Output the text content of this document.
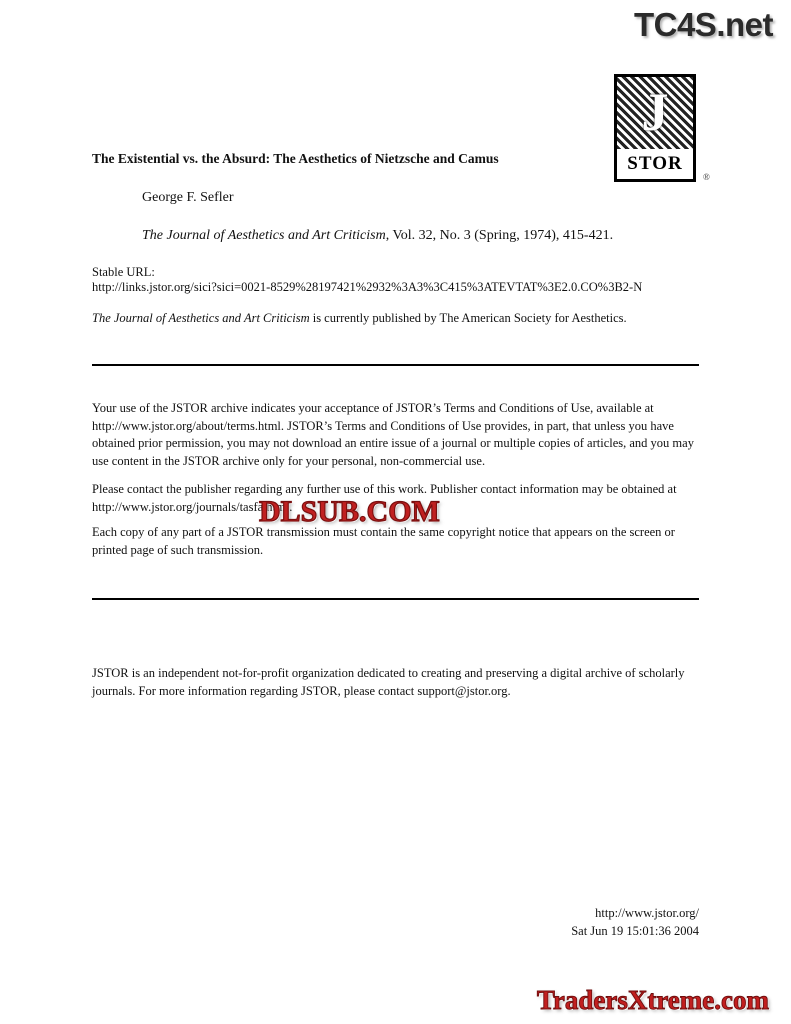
TC4S.net
J
STOR
®
The Existential vs. the Absurd: The Aesthetics of Nietzsche and Camus
George F. Sefler
The Journal of Aesthetics and Art Criticism, Vol. 32, No. 3 (Spring, 1974), 415-421.
Stable URL:
http://links.jstor.org/sici?sici=0021-8529%28197421%2932%3A3%3C415%3ATEVTAT%3E2.0.CO%3B2-N
The Journal of Aesthetics and Art Criticism is currently published by The American Society for Aesthetics.
Your use of the JSTOR archive indicates your acceptance of JSTOR’s Terms and Conditions of Use, available at http://www.jstor.org/about/terms.html. JSTOR’s Terms and Conditions of Use provides, in part, that unless you have obtained prior permission, you may not download an entire issue of a journal or multiple copies of articles, and you may use content in the JSTOR archive only for your personal, non-commercial use.
Please contact the publisher regarding any further use of this work. Publisher contact information may be obtained at http://www.jstor.org/journals/tasfa.html.
Each copy of any part of a JSTOR transmission must contain the same copyright notice that appears on the screen or printed page of such transmission.
DLSUB.COM
JSTOR is an independent not-for-profit organization dedicated to creating and preserving a digital archive of scholarly journals. For more information regarding JSTOR, please contact support@jstor.org.
http://www.jstor.org/
Sat Jun 19 15:01:36 2004
TradersXtreme.com
